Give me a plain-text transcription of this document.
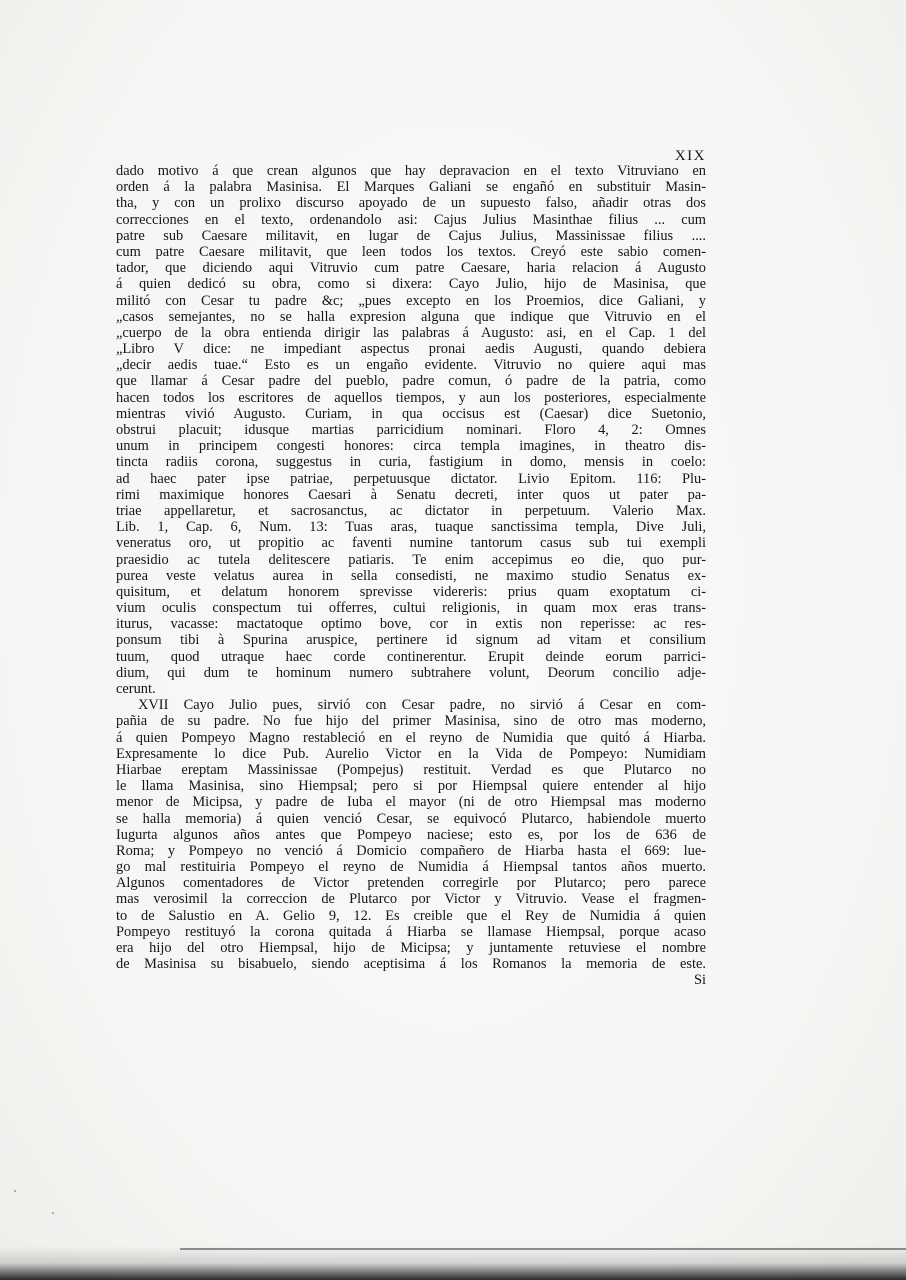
XIX
dado motivo á que crean algunos que hay depravacion en el texto Vitruviano en
orden á la palabra Masinisa. El Marques Galiani se engañó en substituir Masin-
tha, y con un prolixo discurso apoyado de un supuesto falso, añadir otras dos
correcciones en el texto, ordenandolo asi: Cajus Julius Masinthae filius ... cum
patre sub Caesare militavit, en lugar de Cajus Julius, Massinissae filius ....
cum patre Caesare militavit, que leen todos los textos. Creyó este sabio comen-
tador, que diciendo aqui Vitruvio cum patre Caesare, haria relacion á Augusto
á quien dedicó su obra, como si dixera: Cayo Julio, hijo de Masinisa, que
militó con Cesar tu padre &c; „pues excepto en los Proemios, dice Galiani, y
„casos semejantes, no se halla expresion alguna que indique que Vitruvio en el
„cuerpo de la obra entienda dirigir las palabras á Augusto: asi, en el Cap. 1 del
„Libro V dice: ne impediant aspectus pronai aedis Augusti, quando debiera
„decir aedis tuae.“ Esto es un engaño evidente. Vitruvio no quiere aqui mas
que llamar á Cesar padre del pueblo, padre comun, ó padre de la patria, como
hacen todos los escritores de aquellos tiempos, y aun los posteriores, especialmente
mientras vivió Augusto. Curiam, in qua occisus est (Caesar) dice Suetonio,
obstrui placuit; idusque martias parricidium nominari. Floro 4, 2: Omnes
unum in principem congesti honores: circa templa imagines, in theatro dis-
tincta radiis corona, suggestus in curia, fastigium in domo, mensis in coelo:
ad haec pater ipse patriae, perpetuusque dictator. Livio Epitom. 116: Plu-
rimi maximique honores Caesari à Senatu decreti, inter quos ut pater pa-
triae appellaretur, et sacrosanctus, ac dictator in perpetuum. Valerio Max.
Lib. 1, Cap. 6, Num. 13: Tuas aras, tuaque sanctissima templa, Dive Juli,
veneratus oro, ut propitio ac faventi numine tantorum casus sub tui exempli
praesidio ac tutela delitescere patiaris. Te enim accepimus eo die, quo pur-
purea veste velatus aurea in sella consedisti, ne maximo studio Senatus ex-
quisitum, et delatum honorem sprevisse videreris: prius quam exoptatum ci-
vium oculis conspectum tui offerres, cultui religionis, in quam mox eras trans-
iturus, vacasse: mactatoque optimo bove, cor in extis non reperisse: ac res-
ponsum tibi à Spurina aruspice, pertinere id signum ad vitam et consilium
tuum, quod utraque haec corde continerentur. Erupit deinde eorum parrici-
dium, qui dum te hominum numero subtrahere volunt, Deorum concilio adje-
cerunt.
XVII Cayo Julio pues, sirvió con Cesar padre, no sirvió á Cesar en com-
pañia de su padre. No fue hijo del primer Masinisa, sino de otro mas moderno,
á quien Pompeyo Magno restableció en el reyno de Numidia que quitó á Hiarba.
Expresamente lo dice Pub. Aurelio Victor en la Vida de Pompeyo: Numidiam
Hiarbae ereptam Massinissae (Pompejus) restituit. Verdad es que Plutarco no
le llama Masinisa, sino Hiempsal; pero si por Hiempsal quiere entender al hijo
menor de Micipsa, y padre de Iuba el mayor (ni de otro Hiempsal mas moderno
se halla memoria) á quien venció Cesar, se equivocó Plutarco, habiendole muerto
Iugurta algunos años antes que Pompeyo naciese; esto es, por los de 636 de
Roma; y Pompeyo no venció á Domicio compañero de Hiarba hasta el 669: lue-
go mal restituiria Pompeyo el reyno de Numidia á Hiempsal tantos años muerto.
Algunos comentadores de Victor pretenden corregirle por Plutarco; pero parece
mas verosimil la correccion de Plutarco por Victor y Vitruvio. Vease el fragmen-
to de Salustio en A. Gelio 9, 12. Es creible que el Rey de Numidia á quien
Pompeyo restituyó la corona quitada á Hiarba se llamase Hiempsal, porque acaso
era hijo del otro Hiempsal, hijo de Micipsa; y juntamente retuviese el nombre
de Masinisa su bisabuelo, siendo aceptisima á los Romanos la memoria de este.
Si
